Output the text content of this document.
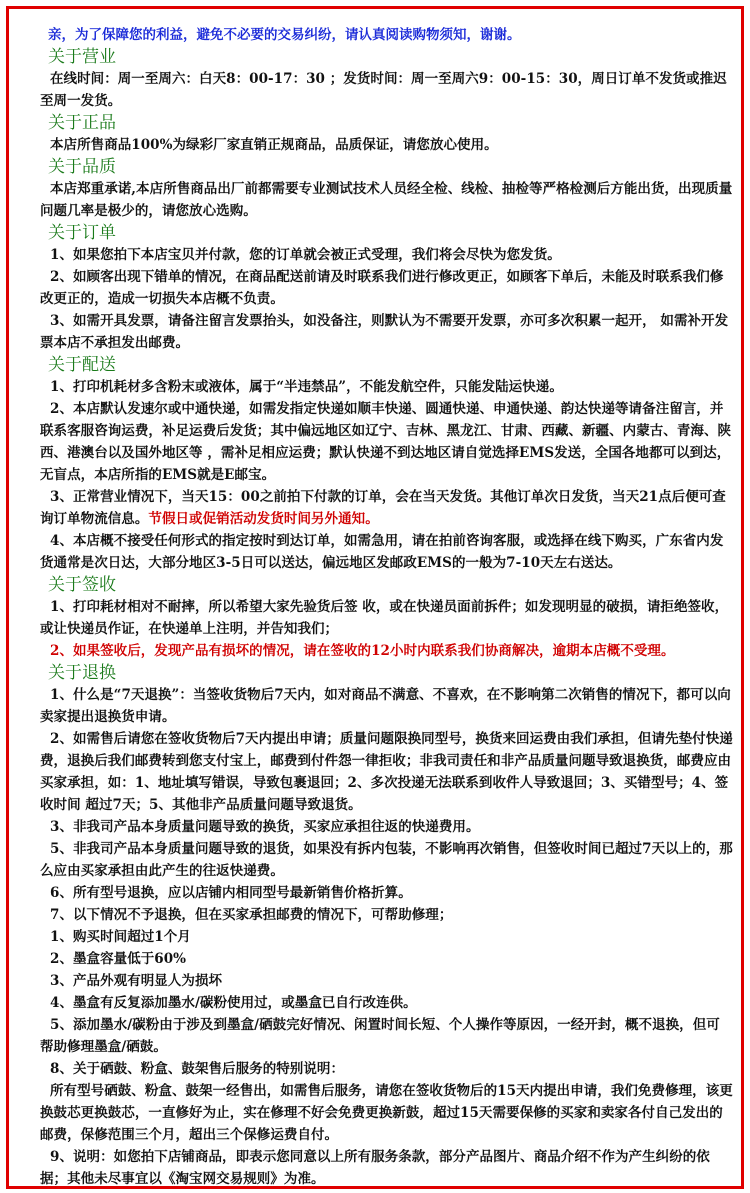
亲，为了保障您的利益，避免不必要的交易纠纷，请认真阅读购物须知，谢谢。
关于营业

在线时间：周一至周六：白天8：00-17：30 ；发货时间：周一至周六9：00-15：30，周日订单不发货或推迟至周一发货。

关于正品

本店所售商品100%为绿彩厂家直销正规商品，品质保证，请您放心使用。

关于品质

本店郑重承诺,本店所售商品出厂前都需要专业测试技术人员经全检、线检、抽检等严格检测后方能出货，出现质量问题几率是极少的，请您放心选购。

关于订单

1、如果您拍下本店宝贝并付款，您的订单就会被正式受理，我们将会尽快为您发货。

2、如顾客出现下错单的情况，在商品配送前请及时联系我们进行修改更正，如顾客下单后，未能及时联系我们修改更正的，造成一切损失本店概不负责。

3、如需开具发票，请备注留言发票抬头，如没备注，则默认为不需要开发票，亦可多次积累一起开， 如需补开发票本店不承担发出邮费。

关于配送

1、打印机耗材多含粉末或液体，属于“半违禁品”，不能发航空件，只能发陆运快递。

2、本店默认发速尔或中通快递，如需发指定快递如顺丰快递、圆通快递、申通快递、韵达快递等请备注留言，并联系客服咨询运费，补足运费后发货；其中偏远地区如辽宁、吉林、黑龙江、甘肃、西藏、新疆、内蒙古、青海、陕西、港澳台以及国外地区等 ，需补足相应运费；默认快递不到达地区请自觉选择EMS发送，全国各地都可以到达，无盲点，本店所指的EMS就是E邮宝。

3、正常营业情况下，当天15：00之前拍下付款的订单，会在当天发货。其他订单次日发货，当天21点后便可查询订单物流信息。节假日或促销活动发货时间另外通知。

4、本店概不接受任何形式的指定按时到达订单，如需急用，请在拍前咨询客服，或选择在线下购买，广东省内发货通常是次日达，大部分地区3-5日可以送达，偏远地区发邮政EMS的一般为7-10天左右送达。

关于签收

1、打印耗材相对不耐摔，所以希望大家先验货后签 收，或在快递员面前拆件；如发现明显的破损，请拒绝签收，或让快递员作证，在快递单上注明，并告知我们；

2、如果签收后，发现产品有损坏的情况，请在签收的12小时内联系我们协商解决，逾期本店概不受理。

关于退换

1、什么是“7天退换”：当签收货物后7天内，如对商品不满意、不喜欢，在不影响第二次销售的情况下，都可以向卖家提出退换货申请。

2、如需售后请您在签收货物后7天内提出申请；质量问题限换同型号，换货来回运费由我们承担，但请先垫付快递费，退换后我们邮费转到您支付宝上，邮费到付件怨一律拒收；非我司责任和非产品质量问题导致退换货，邮费应由买家承担，如：1、地址填写错误，导致包裹退回；2、多次投递无法联系到收件人导致退回；3、买错型号；4、签收时间 超过7天；5、其他非产品质量问题导致退货。

3、非我司产品本身质量问题导致的换货，买家应承担往返的快递费用。

5、非我司产品本身质量问题导致的退货，如果没有拆内包装，不影响再次销售，但签收时间已超过7天以上的，那么应由买家承担由此产生的往返快递费。

6、所有型号退换，应以店铺内相同型号最新销售价格折算。

7、以下情况不予退换，但在买家承担邮费的情况下，可帮助修理；

1、购买时间超过1个月

2、墨盒容量低于60%

3、产品外观有明显人为损坏

4、墨盒有反复添加墨水/碳粉使用过，或墨盒已自行改连供。

5、添加墨水/碳粉由于涉及到墨盒/硒鼓完好情况、闲置时间长短、个人操作等原因，一经开封，概不退换，但可帮助修理墨盒/硒鼓。

8、关于硒鼓、粉盒、鼓架售后服务的特别说明：

所有型号硒鼓、粉盒、鼓架一经售出，如需售后服务，请您在签收货物后的15天内提出申请，我们免费修理，该更换鼓芯更换鼓芯，一直修好为止，实在修理不好会免费更换新鼓，超过15天需要保修的买家和卖家各付自己发出的邮费，保修范围三个月，超出三个保修运费自付。

9、说明：如您拍下店铺商品，即表示您同意以上所有服务条款，部分产品图片、商品介绍不作为产生纠纷的依据；其他未尽事宜以《淘宝网交易规则》为准。
